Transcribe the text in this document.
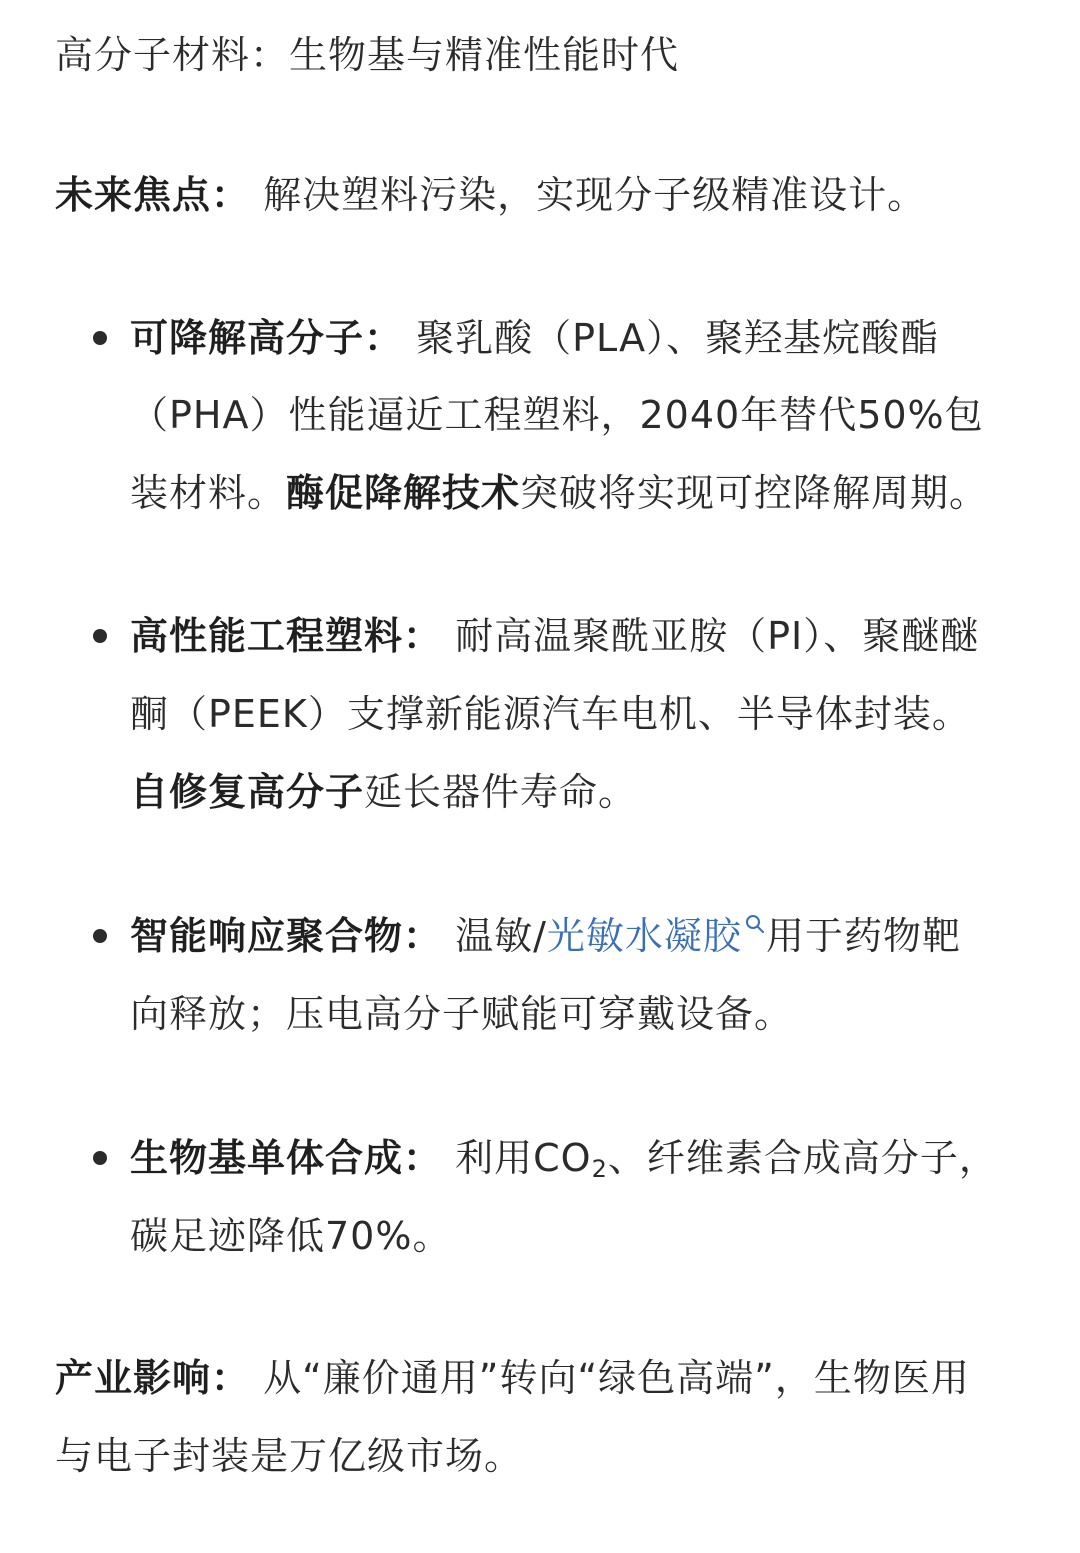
高分子材料：生物基与精准性能时代
未来焦点： 解决塑料污染，实现分子级精准设计。
可降解高分子： 聚乳酸（PLA）、聚羟基烷酸酯
（PHA）性能逼近工程塑料，2040年替代50%包
装材料。酶促降解技术突破将实现可控降解周期。
高性能工程塑料： 耐高温聚酰亚胺（PI）、聚醚醚
酮（PEEK）支撑新能源汽车电机、半导体封装。
自修复高分子延长器件寿命。
智能响应聚合物： 温敏/光敏水凝胶 用于药物靶
向释放；压电高分子赋能可穿戴设备。
生物基单体合成： 利用$CO_2$、纤维素合成高分子，
碳足迹降低70%。
产业影响： 从“廉价通用”转向“绿色高端”，生物医用
与电子封装是万亿级市场。
